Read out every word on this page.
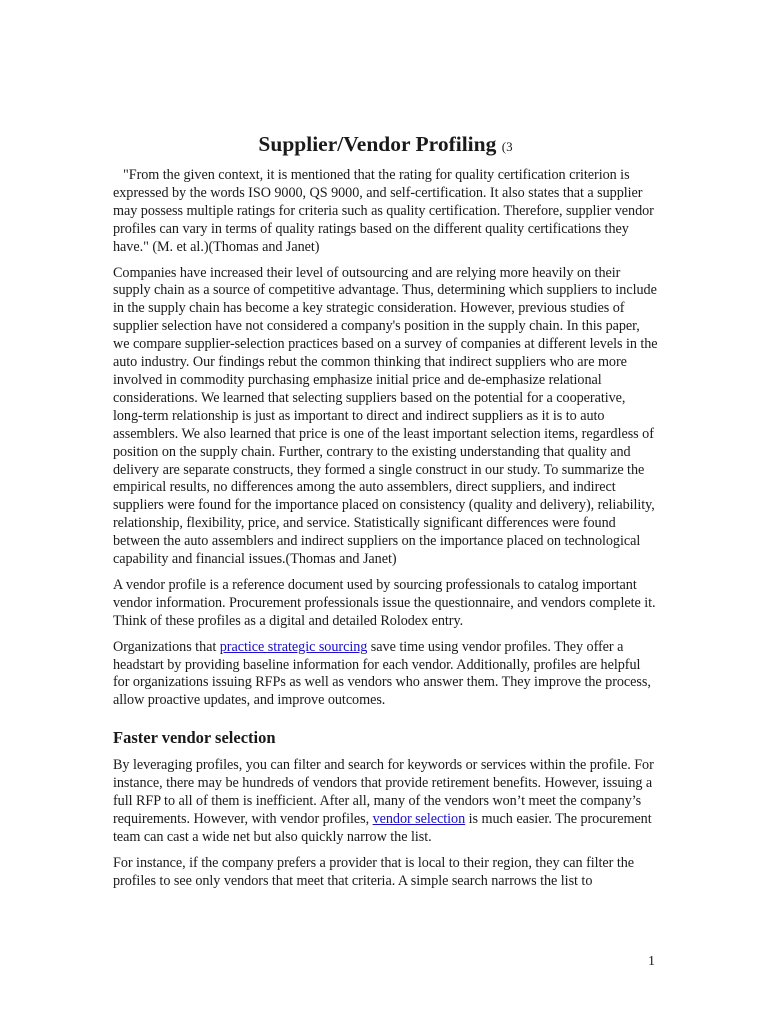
Supplier/Vendor Profiling (3

"From the given context, it is mentioned that the rating for quality certification criterion is expressed by the words ISO 9000, QS 9000, and self-certification. It also states that a supplier may possess multiple ratings for criteria such as quality certification. Therefore, supplier vendor profiles can vary in terms of quality ratings based on the different quality certifications they have." (M. et al.)(Thomas and Janet)

Companies have increased their level of outsourcing and are relying more heavily on their supply chain as a source of competitive advantage. Thus, determining which suppliers to include in the supply chain has become a key strategic consideration. However, previous studies of supplier selection have not considered a company's position in the supply chain. In this paper, we compare supplier-selection practices based on a survey of companies at different levels in the auto industry. Our findings rebut the common thinking that indirect suppliers who are more involved in commodity purchasing emphasize initial price and de-emphasize relational considerations. We learned that selecting suppliers based on the potential for a cooperative, long-term relationship is just as important to direct and indirect suppliers as it is to auto assemblers. We also learned that price is one of the least important selection items, regardless of position on the supply chain. Further, contrary to the existing understanding that quality and delivery are separate constructs, they formed a single construct in our study. To summarize the empirical results, no differences among the auto assemblers, direct suppliers, and indirect suppliers were found for the importance placed on consistency (quality and delivery), reliability, relationship, flexibility, price, and service. Statistically significant differences were found between the auto assemblers and indirect suppliers on the importance placed on technological capability and financial issues.(Thomas and Janet)

A vendor profile is a reference document used by sourcing professionals to catalog important vendor information. Procurement professionals issue the questionnaire, and vendors complete it. Think of these profiles as a digital and detailed Rolodex entry.

Organizations that practice strategic sourcing save time using vendor profiles. They offer a headstart by providing baseline information for each vendor. Additionally, profiles are helpful for organizations issuing RFPs as well as vendors who answer them. They improve the process, allow proactive updates, and improve outcomes.

Faster vendor selection

By leveraging profiles, you can filter and search for keywords or services within the profile. For instance, there may be hundreds of vendors that provide retirement benefits. However, issuing a full RFP to all of them is inefficient. After all, many of the vendors won’t meet the company’s requirements. However, with vendor profiles, vendor selection is much easier. The procurement team can cast a wide net but also quickly narrow the list.

For instance, if the company prefers a provider that is local to their region, they can filter the profiles to see only vendors that meet that criteria. A simple search narrows the list to

1
